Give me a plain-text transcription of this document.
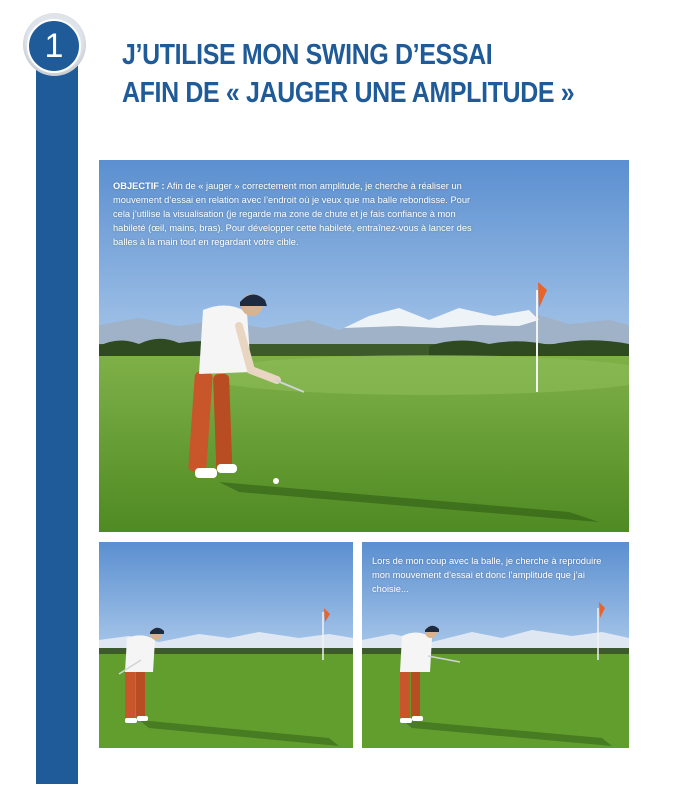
1	J’UTILISE MON SWING D’ESSAI
AFIN DE « JAUGER UNE AMPLITUDE »

OBJECTIF : Afin de « jauger » correctement mon amplitude, je cherche à réaliser un mouvement d’essai en relation avec l’endroit où je veux que ma balle rebondisse. Pour cela j’utilise la visualisation (je regarde ma zone de chute et je fais confiance à mon habileté (œil, mains, bras). Pour développer cette habileté, entraînez-vous à lancer des balles à la main tout en regardant votre cible.

Lors de mon coup avec la balle, je cherche à reproduire mon mouvement d’essai et donc l’amplitude que j’ai choisie...
